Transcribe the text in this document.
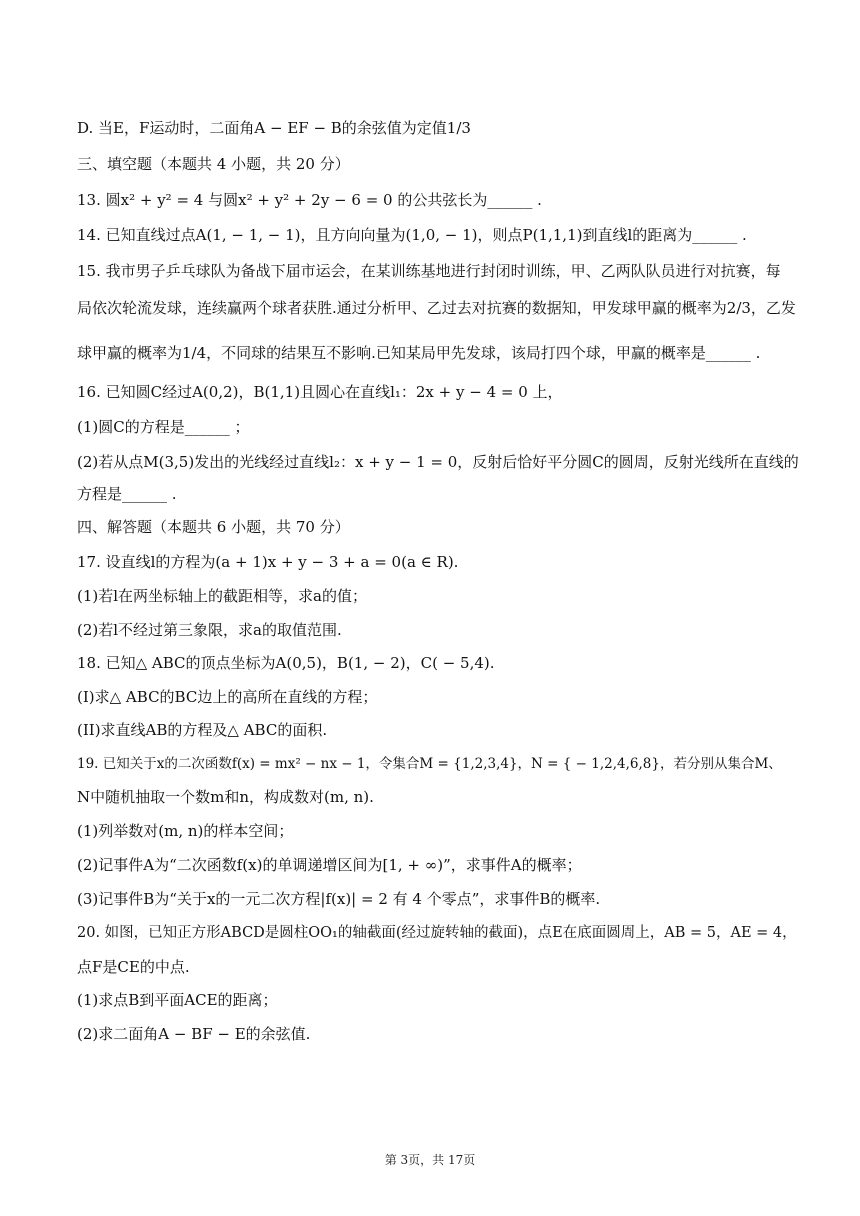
D. 当E，F运动时，二面角A − EF − B的余弦值为定值1/3
三、填空题（本题共 4 小题，共 20 分）
13. 圆x² + y² = 4 与圆x² + y² + 2y − 6 = 0 的公共弦长为______ .
14. 已知直线过点A(1, − 1, − 1)，且方向向量为(1,0, − 1)，则点P(1,1,1)到直线l的距离为______ .
15. 我市男子乒乓球队为备战下届市运会，在某训练基地进行封闭时训练，甲、乙两队队员进行对抗赛，每
局依次轮流发球，连续赢两个球者获胜.通过分析甲、乙过去对抗赛的数据知，甲发球甲赢的概率为2/3，乙发
球甲赢的概率为1/4，不同球的结果互不影响.已知某局甲先发球，该局打四个球，甲赢的概率是______ .
16. 已知圆C经过A(0,2)，B(1,1)且圆心在直线l₁：2x + y − 4 = 0 上，
(1)圆C的方程是______ ；
(2)若从点M(3,5)发出的光线经过直线l₂：x + y − 1 = 0，反射后恰好平分圆C的圆周，反射光线所在直线的
方程是______ .
四、解答题（本题共 6 小题，共 70 分）
17. 设直线l的方程为(a + 1)x + y − 3 + a = 0(a ∈ R).
(1)若l在两坐标轴上的截距相等，求a的值；
(2)若l不经过第三象限，求a的取值范围.
18. 已知△ ABC的顶点坐标为A(0,5)，B(1, − 2)，C( − 5,4).
(I)求△ ABC的BC边上的高所在直线的方程；
(II)求直线AB的方程及△ ABC的面积.
19. 已知关于x的二次函数f(x) = mx² − nx − 1，令集合M = {1,2,3,4}，N = { − 1,2,4,6,8}，若分别从集合M、
N中随机抽取一个数m和n，构成数对(m, n).
(1)列举数对(m, n)的样本空间；
(2)记事件A为“二次函数f(x)的单调递增区间为[1, + ∞)”，求事件A的概率；
(3)记事件B为“关于x的一元二次方程|f(x)| = 2 有 4 个零点”，求事件B的概率.
20. 如图，已知正方形ABCD是圆柱OO₁的轴截面(经过旋转轴的截面)，点E在底面圆周上，AB = 5，AE = 4，
点F是CE的中点.
(1)求点B到平面ACE的距离；
(2)求二面角A − BF − E的余弦值.
第 3页，共 17页
